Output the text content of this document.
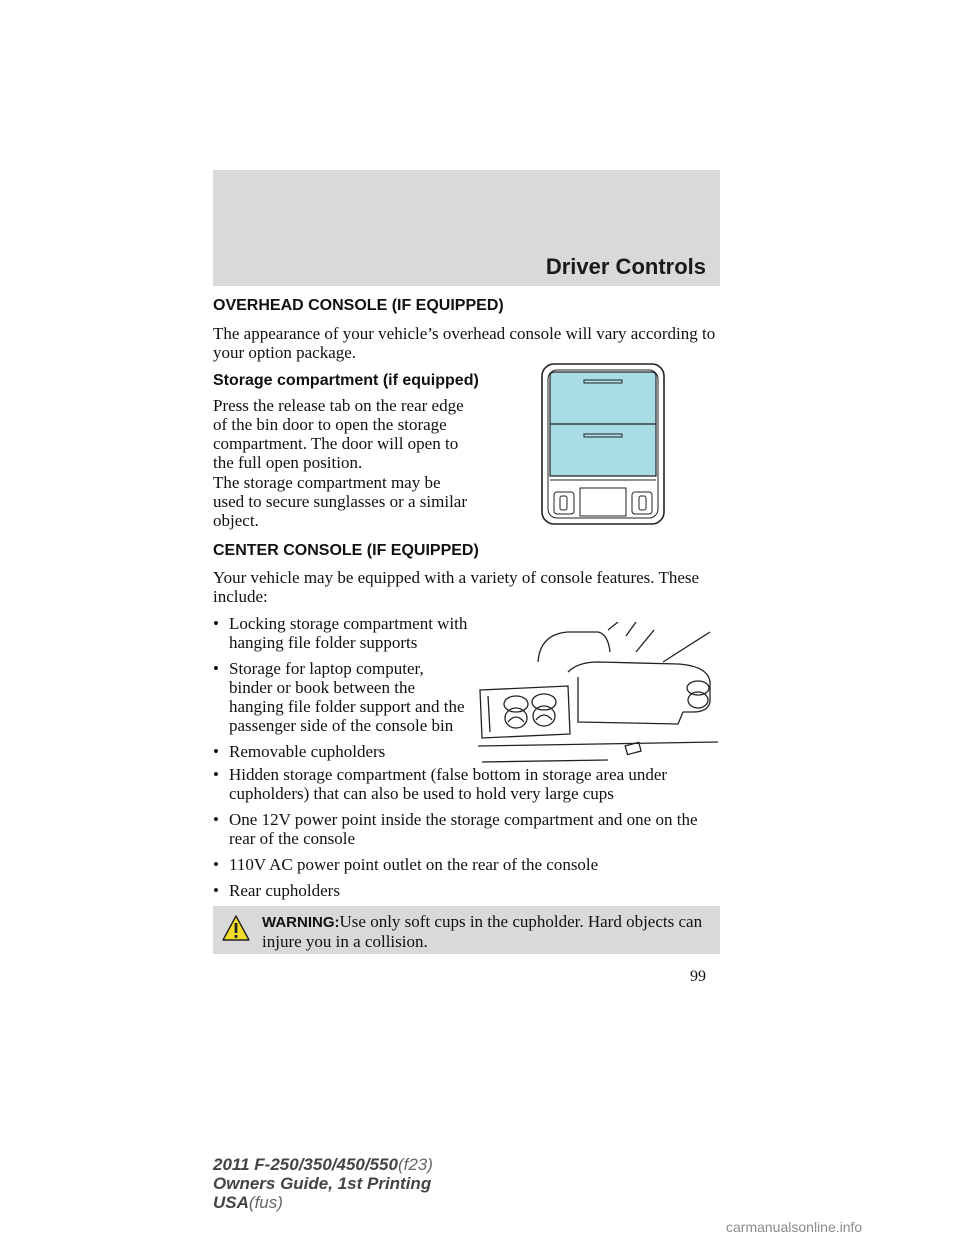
Driver Controls
OVERHEAD CONSOLE (IF EQUIPPED)

The appearance of your vehicle’s overhead console will vary according to your option package.

Storage compartment (if equipped)

Press the release tab on the rear edge of the bin door to open the storage compartment. The door will open to the full open position.

The storage compartment may be used to secure sunglasses or a similar object.

CENTER CONSOLE (IF EQUIPPED)

Your vehicle may be equipped with a variety of console features. These include:

• Locking storage compartment with hanging file folder supports
• Storage for laptop computer, binder or book between the hanging file folder support and the passenger side of the console bin
• Removable cupholders
• Hidden storage compartment (false bottom in storage area under cupholders) that can also be used to hold very large cups
• One 12V power point inside the storage compartment and one on the rear of the console
• 110V AC power point outlet on the rear of the console
• Rear cupholders
WARNING:Use only soft cups in the cupholder. Hard objects can injure you in a collision.
99
2011 F-250/350/450/550(f23)
Owners Guide, 1st Printing
USA(fus)
carmanualsonline.info
